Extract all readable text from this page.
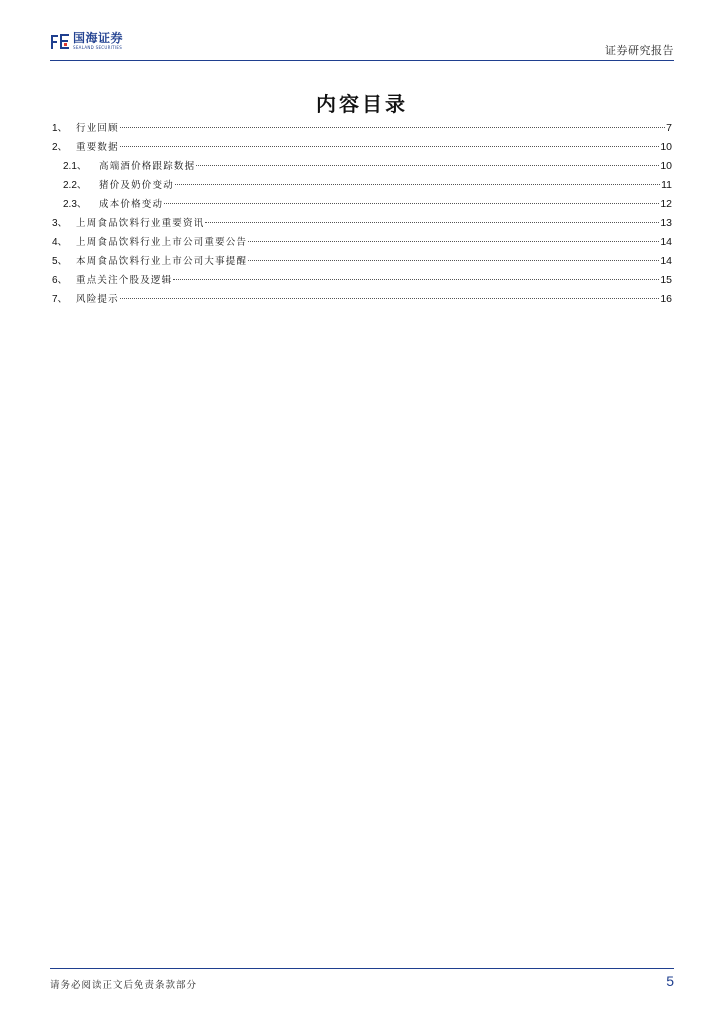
国海证券
SEALAND SECURITIES	证券研究报告
内容目录
1、 行业回顾	7
2、 重要数据	10
2.1、	高端酒价格跟踪数据	10
2.2、	猪价及奶价变动	11
2.3、	成本价格变动	12
3、 上周食品饮料行业重要资讯	13
4、 上周食品饮料行业上市公司重要公告	14
5、 本周食品饮料行业上市公司大事提醒	14
6、 重点关注个股及逻辑	15
7、 风险提示	16
请务必阅读正文后免责条款部分	5
